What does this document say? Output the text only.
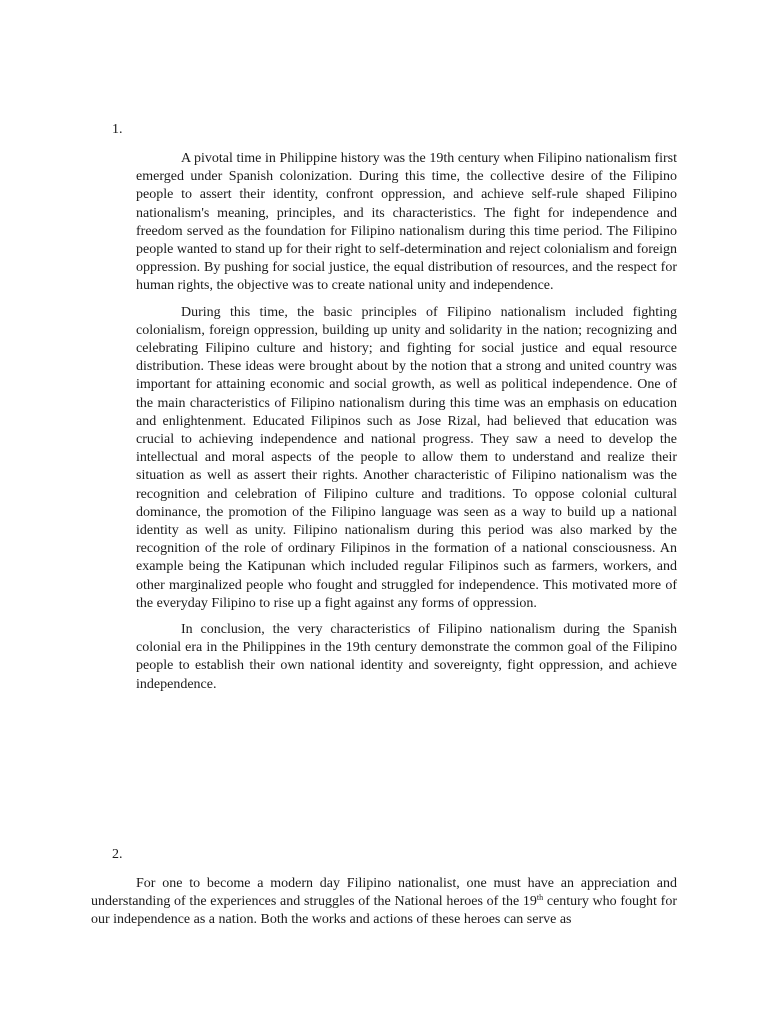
1.

A pivotal time in Philippine history was the 19th century when Filipino nationalism first emerged under Spanish colonization. During this time, the collective desire of the Filipino people to assert their identity, confront oppression, and achieve self-rule shaped Filipino nationalism's meaning, principles, and its characteristics. The fight for independence and freedom served as the foundation for Filipino nationalism during this time period. The Filipino people wanted to stand up for their right to self-determination and reject colonialism and foreign oppression. By pushing for social justice, the equal distribution of resources, and the respect for human rights, the objective was to create national unity and independence.

During this time, the basic principles of Filipino nationalism included fighting colonialism, foreign oppression, building up unity and solidarity in the nation; recognizing and celebrating Filipino culture and history; and fighting for social justice and equal resource distribution. These ideas were brought about by the notion that a strong and united country was important for attaining economic and social growth, as well as political independence. One of the main characteristics of Filipino nationalism during this time was an emphasis on education and enlightenment. Educated Filipinos such as Jose Rizal, had believed that education was crucial to achieving independence and national progress. They saw a need to develop the intellectual and moral aspects of the people to allow them to understand and realize their situation as well as assert their rights. Another characteristic of Filipino nationalism was the recognition and celebration of Filipino culture and traditions. To oppose colonial cultural dominance, the promotion of the Filipino language was seen as a way to build up a national identity as well as unity. Filipino nationalism during this period was also marked by the recognition of the role of ordinary Filipinos in the formation of a national consciousness. An example being the Katipunan which included regular Filipinos such as farmers, workers, and other marginalized people who fought and struggled for independence. This motivated more of the everyday Filipino to rise up a fight against any forms of oppression.

In conclusion, the very characteristics of Filipino nationalism during the Spanish colonial era in the Philippines in the 19th century demonstrate the common goal of the Filipino people to establish their own national identity and sovereignty, fight oppression, and achieve independence.

2.

For one to become a modern day Filipino nationalist, one must have an appreciation and understanding of the experiences and struggles of the National heroes of the 19th century who fought for our independence as a nation. Both the works and actions of these heroes can serve as
